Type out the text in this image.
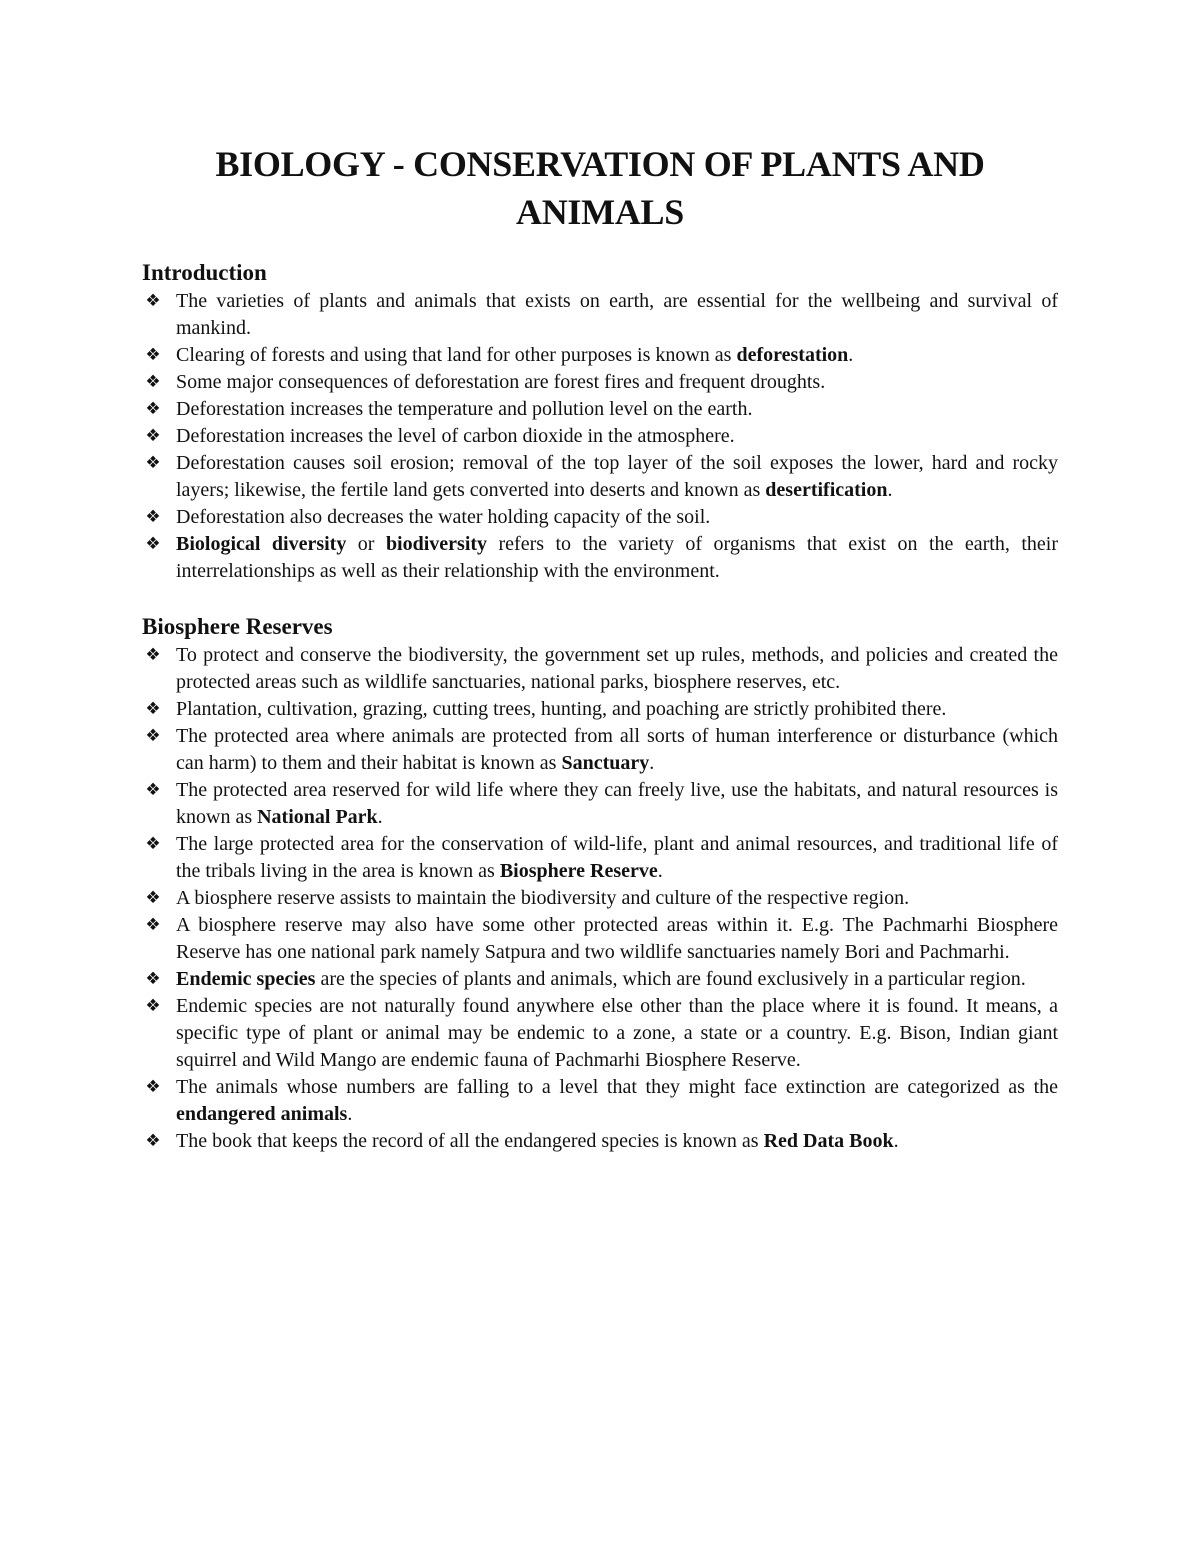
BIOLOGY - CONSERVATION OF PLANTS AND ANIMALS
Introduction
❖ The varieties of plants and animals that exists on earth, are essential for the wellbeing and survival of mankind.
❖ Clearing of forests and using that land for other purposes is known as deforestation.
❖ Some major consequences of deforestation are forest fires and frequent droughts.
❖ Deforestation increases the temperature and pollution level on the earth.
❖ Deforestation increases the level of carbon dioxide in the atmosphere.
❖ Deforestation causes soil erosion; removal of the top layer of the soil exposes the lower, hard and rocky layers; likewise, the fertile land gets converted into deserts and known as desertification.
❖ Deforestation also decreases the water holding capacity of the soil.
❖ Biological diversity or biodiversity refers to the variety of organisms that exist on the earth, their interrelationships as well as their relationship with the environment.
Biosphere Reserves
❖ To protect and conserve the biodiversity, the government set up rules, methods, and policies and created the protected areas such as wildlife sanctuaries, national parks, biosphere reserves, etc.
❖ Plantation, cultivation, grazing, cutting trees, hunting, and poaching are strictly prohibited there.
❖ The protected area where animals are protected from all sorts of human interference or disturbance (which can harm) to them and their habitat is known as Sanctuary.
❖ The protected area reserved for wild life where they can freely live, use the habitats, and natural resources is known as National Park.
❖ The large protected area for the conservation of wild-life, plant and animal resources, and traditional life of the tribals living in the area is known as Biosphere Reserve.
❖ A biosphere reserve assists to maintain the biodiversity and culture of the respective region.
❖ A biosphere reserve may also have some other protected areas within it. E.g. The Pachmarhi Biosphere Reserve has one national park namely Satpura and two wildlife sanctuaries namely Bori and Pachmarhi.
❖ Endemic species are the species of plants and animals, which are found exclusively in a particular region.
❖ Endemic species are not naturally found anywhere else other than the place where it is found. It means, a specific type of plant or animal may be endemic to a zone, a state or a country. E.g. Bison, Indian giant squirrel and Wild Mango are endemic fauna of Pachmarhi Biosphere Reserve.
❖ The animals whose numbers are falling to a level that they might face extinction are categorized as the endangered animals.
❖ The book that keeps the record of all the endangered species is known as Red Data Book.
